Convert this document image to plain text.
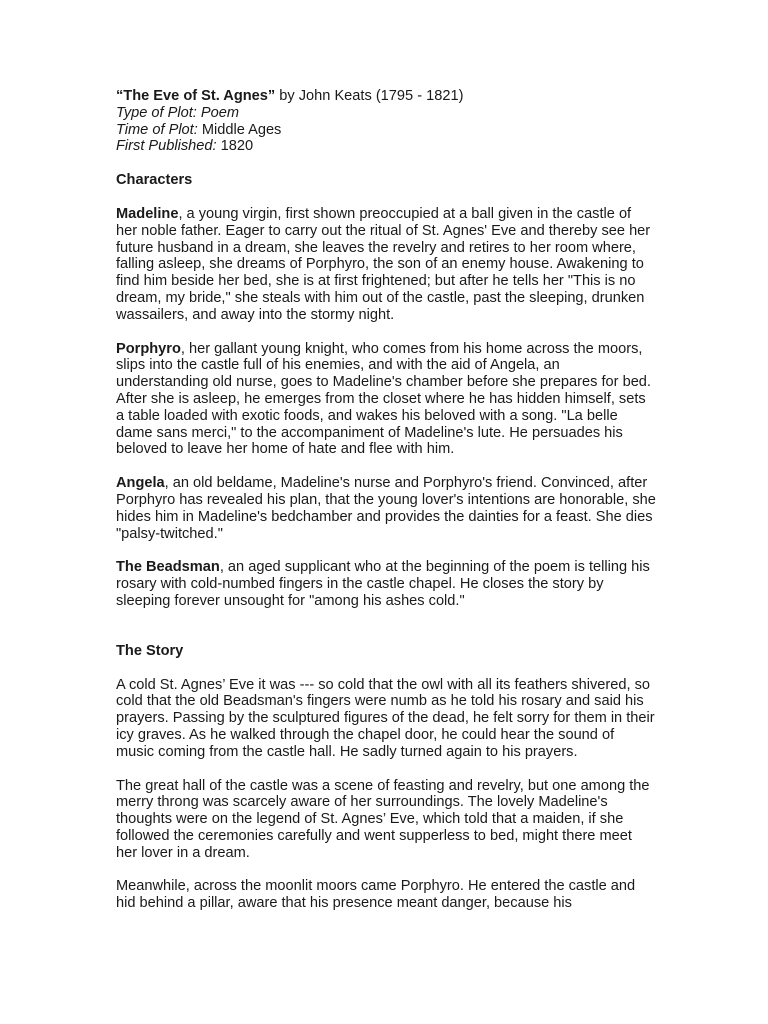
“The Eve of St. Agnes” by John Keats (1795 - 1821)
Type of Plot: Poem
Time of Plot: Middle Ages
First Published: 1820

Characters

Madeline, a young virgin, first shown preoccupied at a ball given in the castle of her noble father. Eager to carry out the ritual of St. Agnes' Eve and thereby see her future husband in a dream, she leaves the revelry and retires to her room where, falling asleep, she dreams of Porphyro, the son of an enemy house. Awakening to find him beside her bed, she is at first frightened; but after he tells her "This is no dream, my bride," she steals with him out of the castle, past the sleeping, drunken wassailers, and away into the stormy night.

Porphyro, her gallant young knight, who comes from his home across the moors, slips into the castle full of his enemies, and with the aid of Angela, an understanding old nurse, goes to Madeline's chamber before she prepares for bed. After she is asleep, he emerges from the closet where he has hidden himself, sets a table loaded with exotic foods, and wakes his beloved with a song. "La belle dame sans merci," to the accompaniment of Madeline's lute. He persuades his beloved to leave her home of hate and flee with him.

Angela, an old beldame, Madeline's nurse and Porphyro's friend. Convinced, after Porphyro has revealed his plan, that the young lover's intentions are honorable, she hides him in Madeline's bedchamber and provides the dainties for a feast. She dies "palsy-twitched."

The Beadsman, an aged supplicant who at the beginning of the poem is telling his rosary with cold-numbed fingers in the castle chapel. He closes the story by sleeping forever unsought for "among his ashes cold."

The Story

A cold St. Agnes’ Eve it was --- so cold that the owl with all its feathers shivered, so cold that the old Beadsman's fingers were numb as he told his rosary and said his prayers. Passing by the sculptured figures of the dead, he felt sorry for them in their icy graves. As he walked through the chapel door, he could hear the sound of music coming from the castle hall. He sadly turned again to his prayers.

The great hall of the castle was a scene of feasting and revelry, but one among the merry throng was scarcely aware of her surroundings. The lovely Madeline's thoughts were on the legend of St. Agnes’ Eve, which told that a maiden, if she followed the ceremonies carefully and went supperless to bed, might there meet her lover in a dream.

Meanwhile, across the moonlit moors came Porphyro. He entered the castle and hid behind a pillar, aware that his presence meant danger, because his
